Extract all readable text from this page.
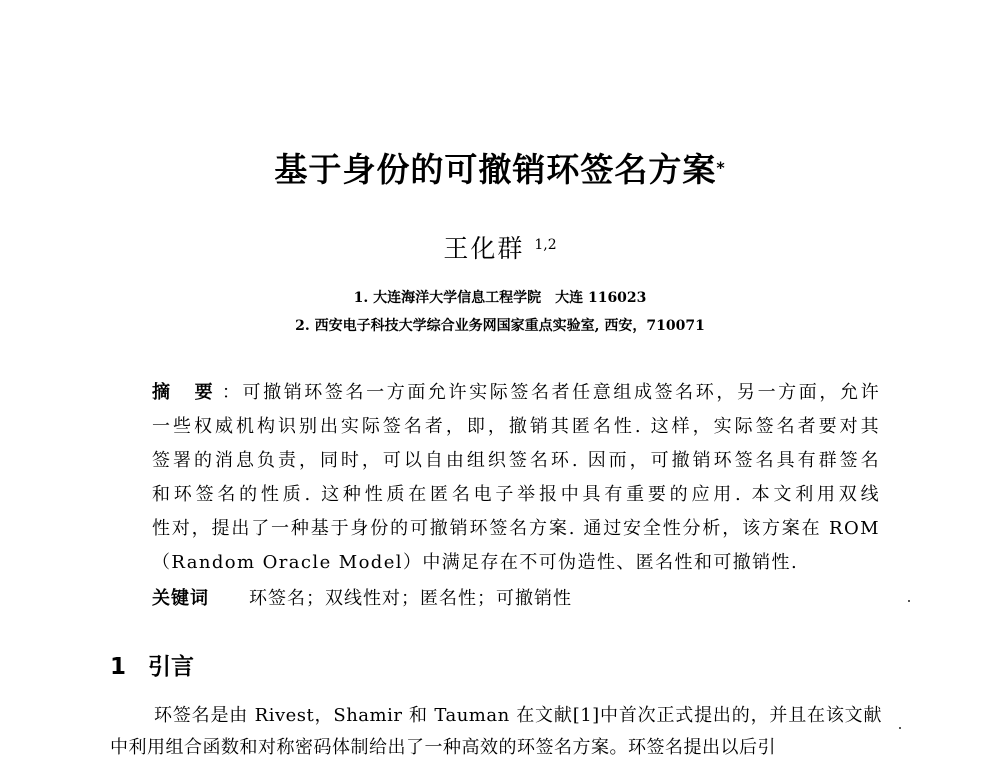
基于身份的可撤销环签名方案*
王化群 $^{1,2}$
1. 大连海洋大学信息工程学院　大连 116023
2. 西安电子科技大学综合业务网国家重点实验室, 西安，710071
摘 要：可撤销环签名一方面允许实际签名者任意组成签名环，另一方面，允许
一些权威机构识别出实际签名者，即，撤销其匿名性. 这样，实际签名者要对其
签署的消息负责，同时，可以自由组织签名环. 因而，可撤销环签名具有群签名
和环签名的性质. 这种性质在匿名电子举报中具有重要的应用. 本文利用双线
性对，提出了一种基于身份的可撤销环签名方案. 通过安全性分析，该方案在 ROM
（Random Oracle Model）中满足存在不可伪造性、匿名性和可撤销性.
关键词 环签名；双线性对；匿名性；可撤销性
1 引言
环签名是由 Rivest，Shamir 和 Tauman 在文献[1]中首次正式提出的，并且在该文献中利用组合函数和对称密码体制给出了一种高效的环签名方案。环签名提出以后引
